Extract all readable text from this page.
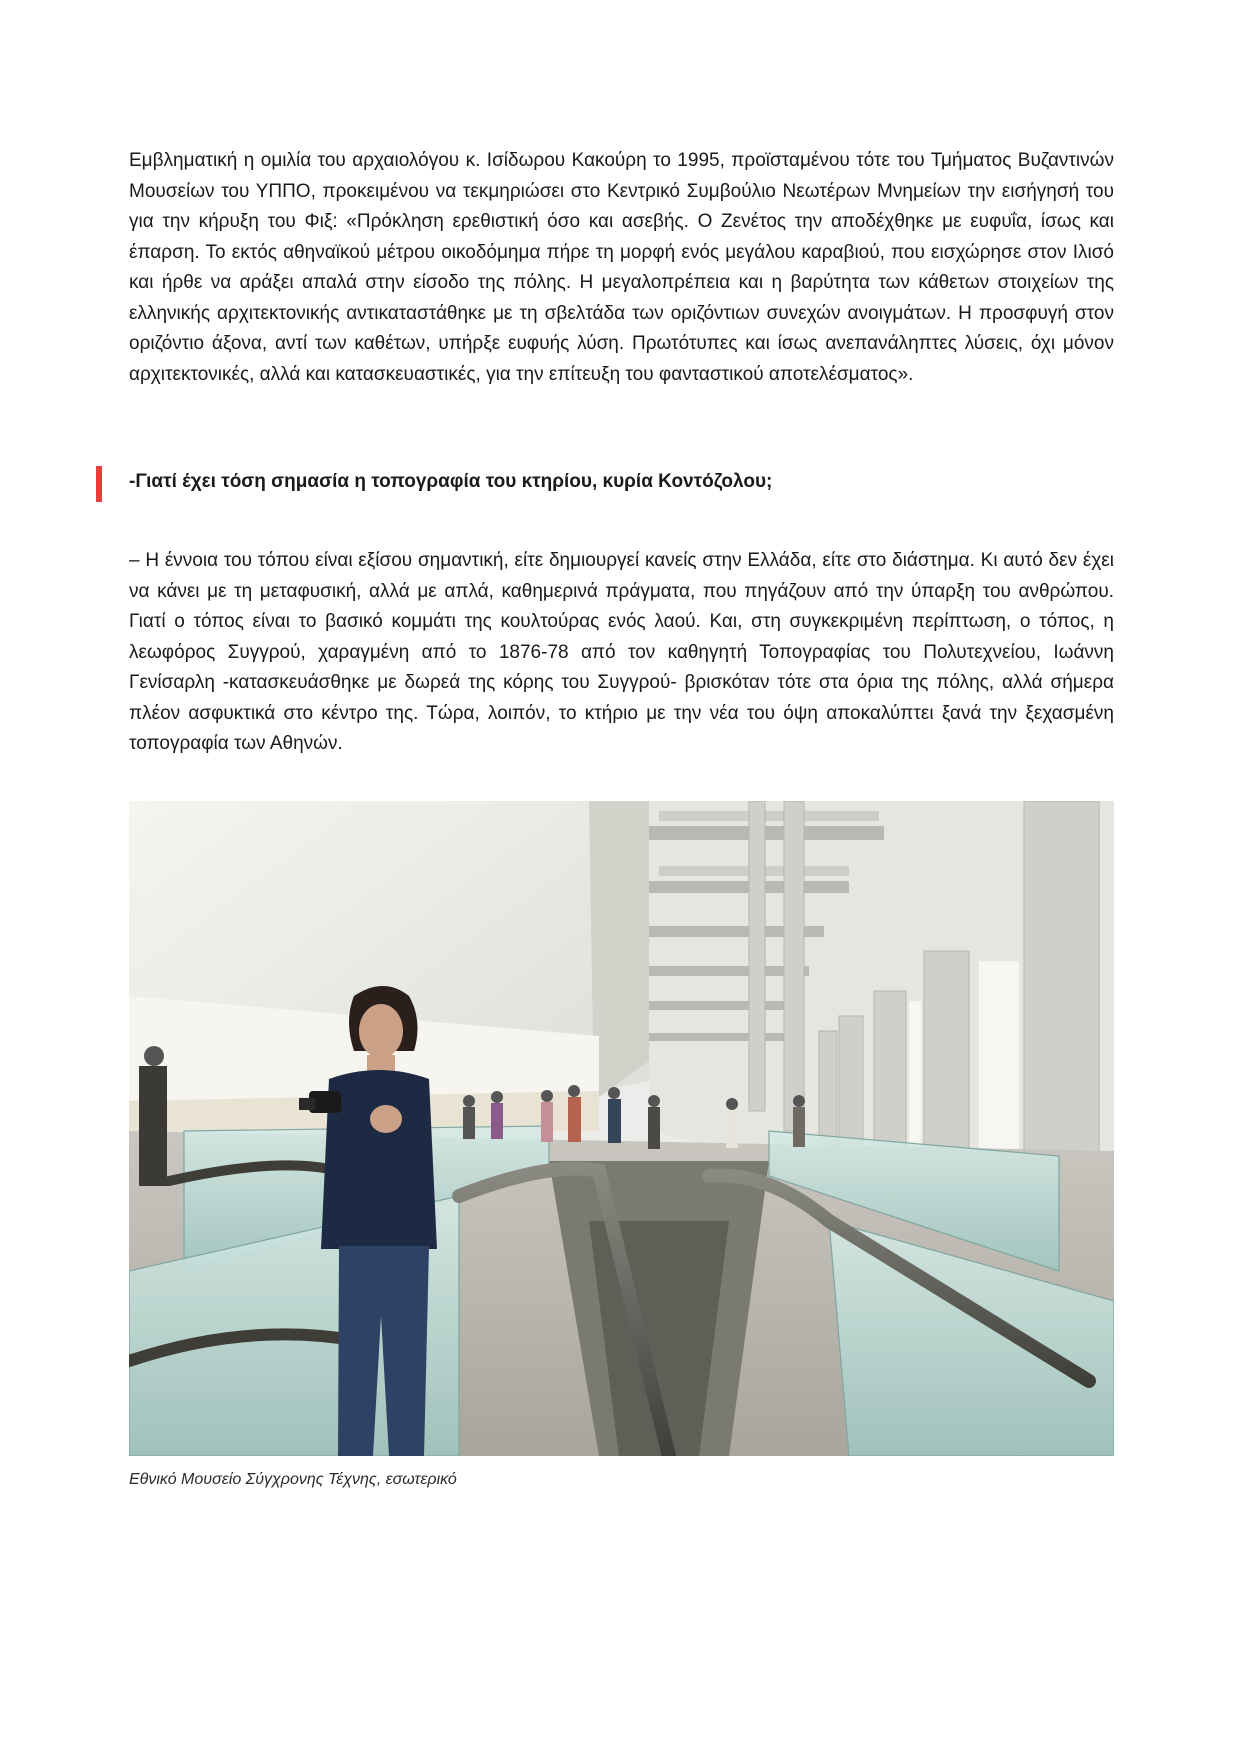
Εμβληματική η ομιλία του αρχαιολόγου κ. Ισίδωρου Κακούρη το 1995, προϊσταμένου τότε του Τμήματος Βυζαντινών Μουσείων του ΥΠΠΟ, προκειμένου να τεκμηριώσει στο Κεντρικό Συμβούλιο Νεωτέρων Μνημείων την εισήγησή του για την κήρυξη του Φιξ: «Πρόκληση ερεθιστική όσο και ασεβής. Ο Ζενέτος την αποδέχθηκε με ευφυΐα, ίσως και έπαρση. Το εκτός αθηναϊκού μέτρου οικοδόμημα πήρε τη μορφή ενός μεγάλου καραβιού, που εισχώρησε στον Ιλισό και ήρθε να αράξει απαλά στην είσοδο της πόλης. Η μεγαλοπρέπεια και η βαρύτητα των κάθετων στοιχείων της ελληνικής αρχιτεκτονικής αντικαταστάθηκε με τη σβελτάδα των οριζόντιων συνεχών ανοιγμάτων. Η προσφυγή στον οριζόντιο άξονα, αντί των καθέτων, υπήρξε ευφυής λύση. Πρωτότυπες και ίσως ανεπανάληπτες λύσεις, όχι μόνον αρχιτεκτονικές, αλλά και κατασκευαστικές, για την επίτευξη του φανταστικού αποτελέσματος».

-Γιατί έχει τόση σημασία η τοπογραφία του κτηρίου, κυρία Κοντόζολου;

– Η έννοια του τόπου είναι εξίσου σημαντική, είτε δημιουργεί κανείς στην Ελλάδα, είτε στο διάστημα. Κι αυτό δεν έχει να κάνει με τη μεταφυσική, αλλά με απλά, καθημερινά πράγματα, που πηγάζουν από την ύπαρξη του ανθρώπου. Γιατί ο τόπος είναι το βασικό κομμάτι της κουλτούρας ενός λαού. Και, στη συγκεκριμένη περίπτωση, ο τόπος, η λεωφόρος Συγγρού, χαραγμένη από το 1876-78 από τον καθηγητή Τοπογραφίας του Πολυτεχνείου, Ιωάννη Γενίσαρλη -κατασκευάσθηκε με δωρεά της κόρης του Συγγρού- βρισκόταν τότε στα όρια της πόλης, αλλά σήμερα πλέον ασφυκτικά στο κέντρο της. Τώρα, λοιπόν, το κτήριο με την νέα του όψη αποκαλύπτει ξανά την ξεχασμένη τοπογραφία των Αθηνών.

Εθνικό Μουσείο Σύγχρονης Τέχνης, εσωτερικό
